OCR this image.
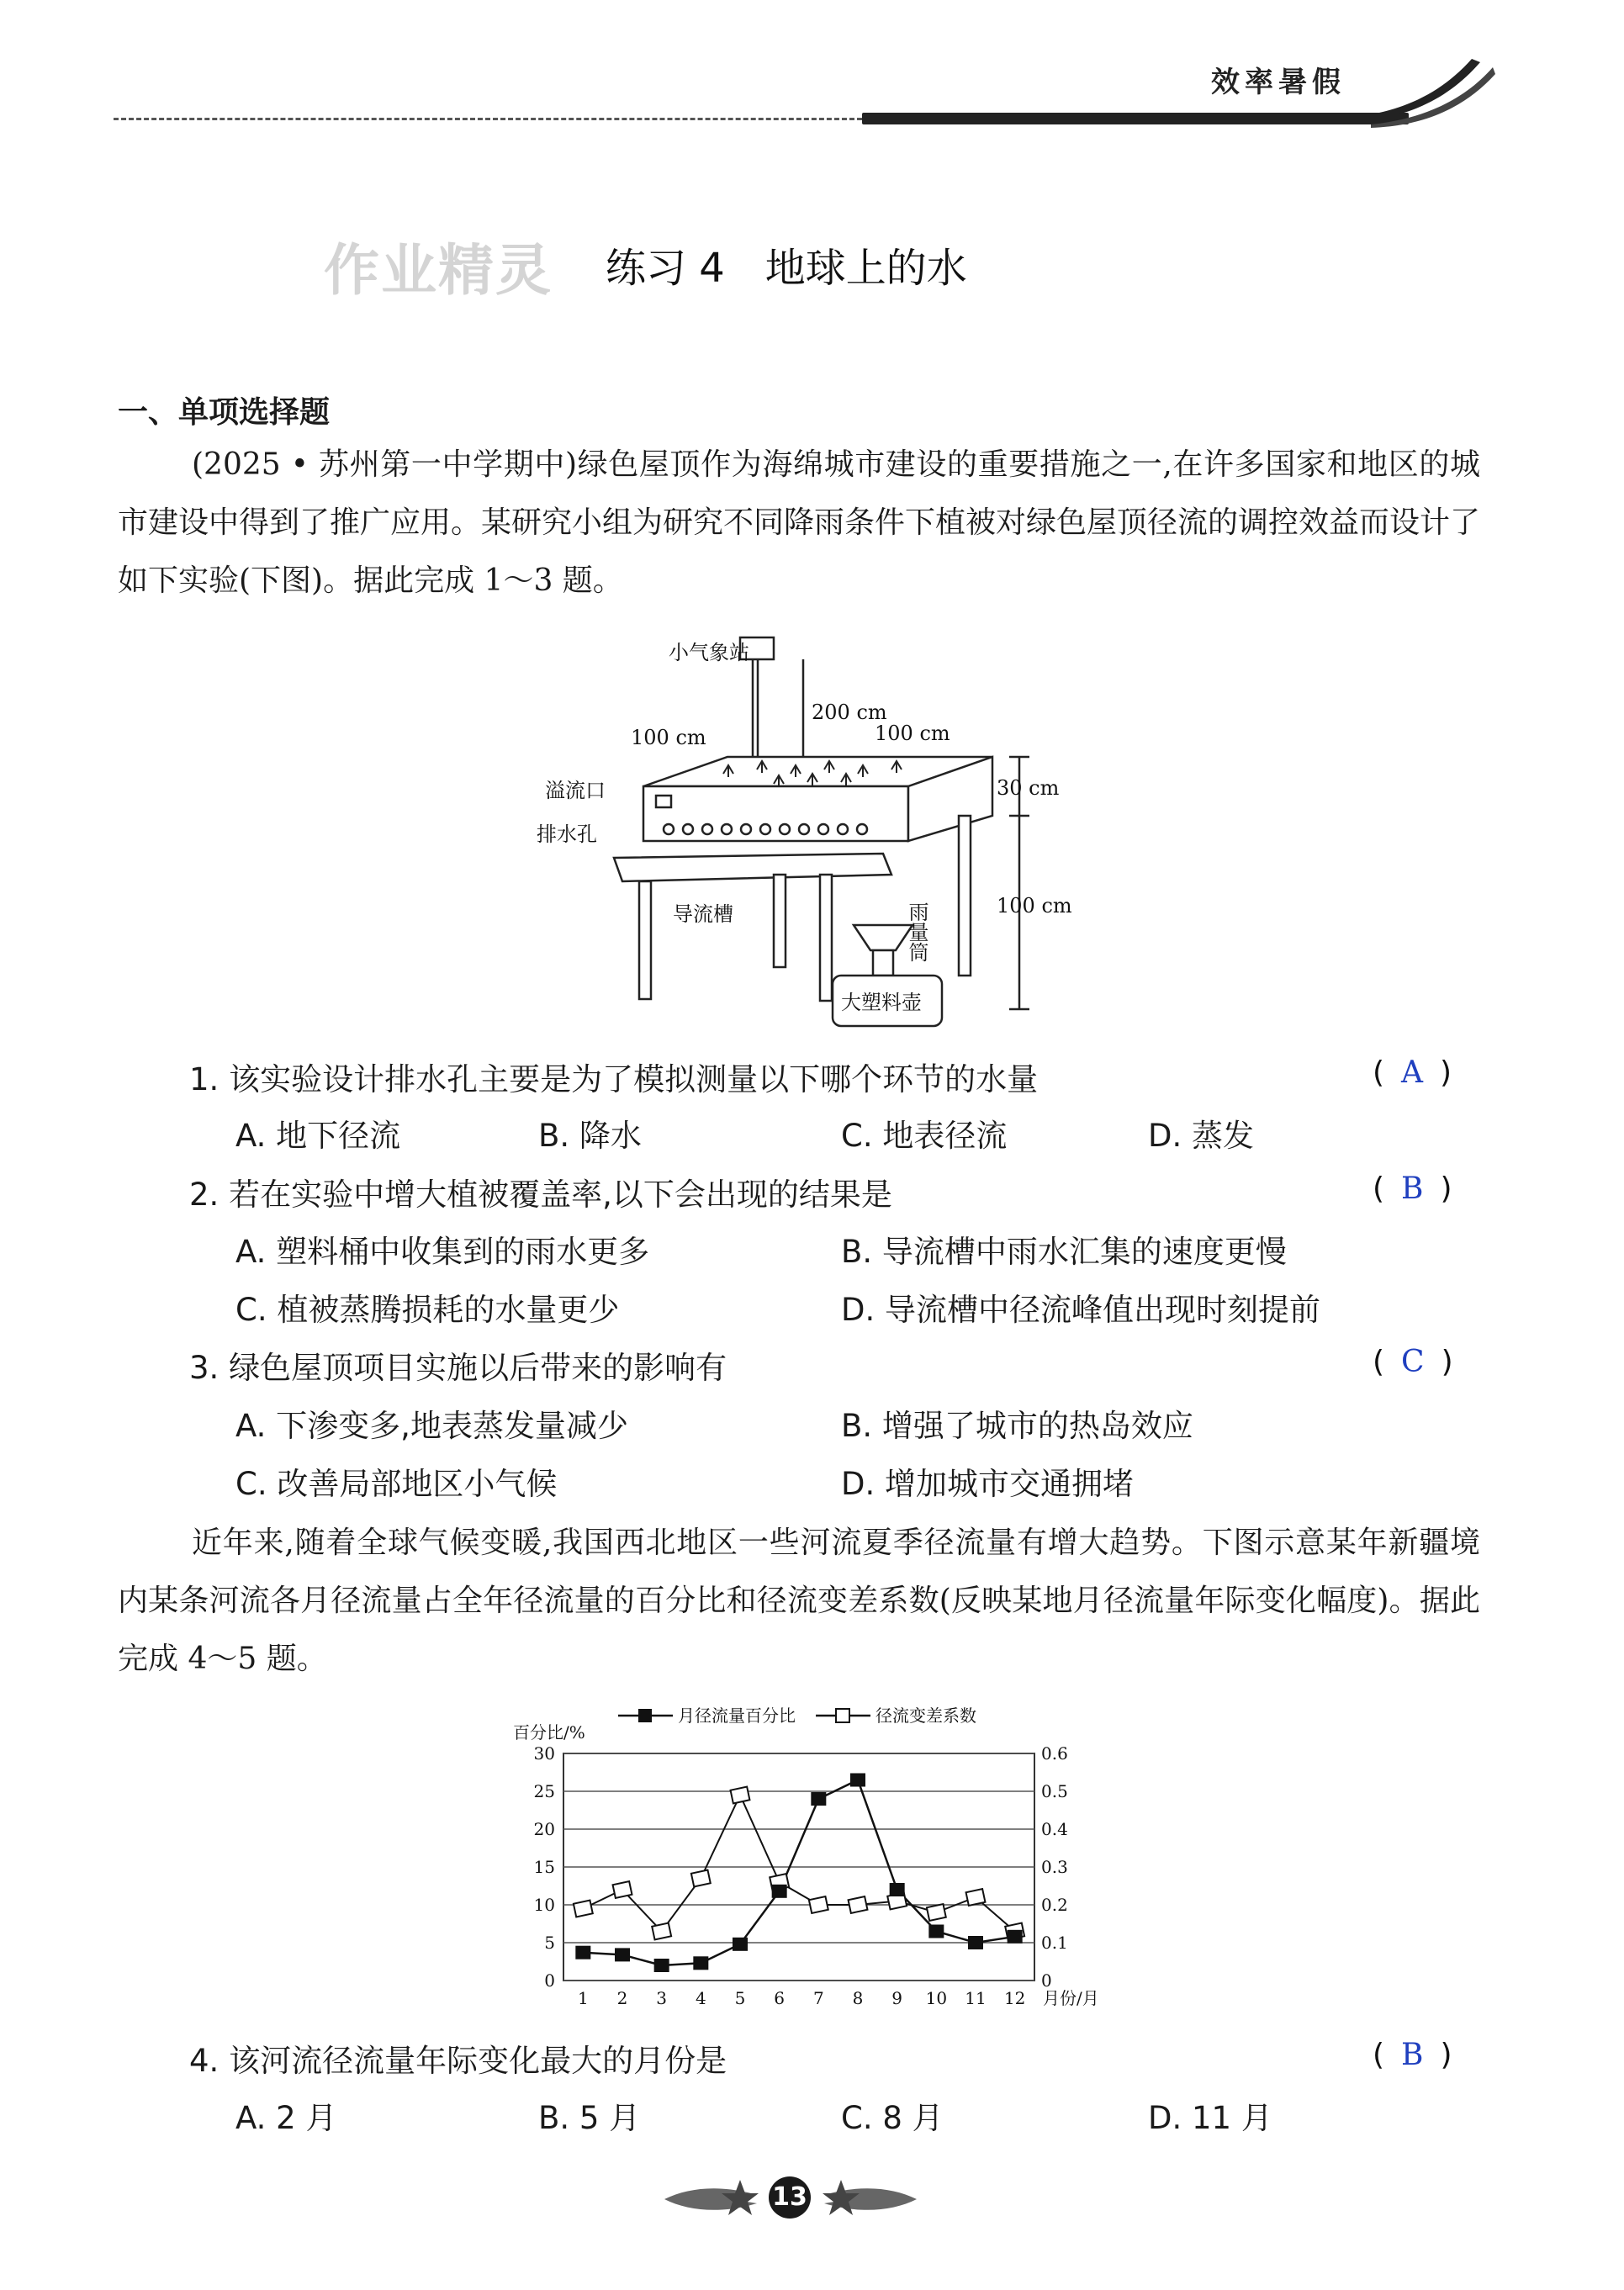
效率暑假
作业精灵 练习 4　地球上的水
一、单项选择题
(2025 • 苏州第一中学期中)绿色屋顶作为海绵城市建设的重要措施之一,在许多国家和地区的城市建设中得到了推广应用。某研究小组为研究不同降雨条件下植被对绿色屋顶径流的调控效益而设计了如下实验(下图)。据此完成 1～3 题。
小气象站
200 cm
100 cm	100 cm
溢流口
排水孔
30 cm
导流槽	雨量筒	100 cm
大塑料壶
1. 该实验设计排水孔主要是为了模拟测量以下哪个环节的水量	( A )
A. 地下径流	B. 降水	C. 地表径流	D. 蒸发
2. 若在实验中增大植被覆盖率,以下会出现的结果是	( B )
A. 塑料桶中收集到的雨水更多	B. 导流槽中雨水汇集的速度更慢
C. 植被蒸腾损耗的水量更少	D. 导流槽中径流峰值出现时刻提前
3. 绿色屋顶项目实施以后带来的影响有	( C )
A. 下渗变多,地表蒸发量减少	B. 增强了城市的热岛效应
C. 改善局部地区小气候	D. 增加城市交通拥堵
近年来,随着全球气候变暖,我国西北地区一些河流夏季径流量有增大趋势。下图示意某年新疆境内某条河流各月径流量占全年径流量的百分比和径流变差系数(反映某地月径流量年际变化幅度)。据此完成 4～5 题。
月径流量百分比	径流变差系数
0
5
10
15
20
25
30
0
0.1
0.2
0.3
0.4
0.5
0.6
1 2 3 4 5 6 7 8 9 10 11 12 月份/月
百分比/%
4. 该河流径流量年际变化最大的月份是	( B )
A. 2 月	B. 5 月	C. 8 月	D. 11 月
13
